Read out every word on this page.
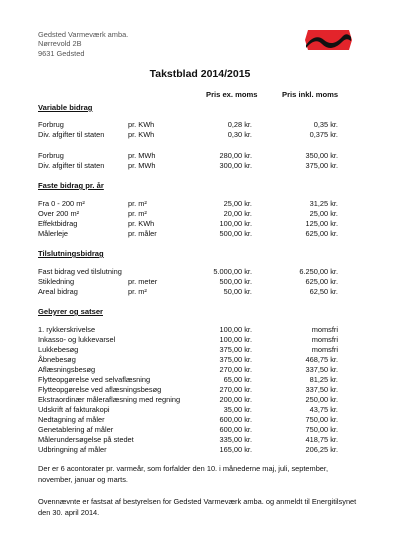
Gedsted Varmeværk amba.
Nørrevold 2B
9631 Gedsted
Takstblad 2014/2015
Pris ex. moms	Pris inkl. moms
Variable bidrag
Forbrug	pr. KWh	0,28 kr.	0,35 kr.
Div. afgifter til staten	pr. KWh	0,30 kr.	0,375 kr.
Forbrug	pr. MWh	280,00 kr.	350,00 kr.
Div. afgifter til staten	pr. MWh	300,00 kr.	375,00 kr.
Faste bidrag pr. år
Fra 0 - 200 m²	pr. m²	25,00 kr.	31,25 kr.
Over 200 m²	pr. m²	20,00 kr.	25,00 kr.
Effektbidrag	pr. KWh	100,00 kr.	125,00 kr.
Målerleje	pr. måler	500,00 kr.	625,00 kr.
Tilslutningsbidrag
Fast bidrag ved tilslutning	5.000,00 kr.	6.250,00 kr.
Stikledning	pr. meter	500,00 kr.	625,00 kr.
Areal bidrag	pr. m²	50,00 kr.	62,50 kr.
Gebyrer og satser
1. rykkerskrivelse	100,00 kr.	momsfri
Inkasso- og lukkevarsel	100,00 kr.	momsfri
Lukkebesøg	375,00 kr.	momsfri
Åbnebesøg	375,00 kr.	468,75 kr.
Aflæsningsbesøg	270,00 kr.	337,50 kr.
Flytteopgørelse ved selvaflæsning	65,00 kr.	81,25 kr.
Flytteopgørelse ved aflæsningsbesøg	270,00 kr.	337,50 kr.
Ekstraordinær måleraflæsning med regning	200,00 kr.	250,00 kr.
Udskrift af fakturakopi	35,00 kr.	43,75 kr.
Nedtagning af måler	600,00 kr.	750,00 kr.
Genetablering af måler	600,00 kr.	750,00 kr.
Målerundersøgelse på stedet	335,00 kr.	418,75 kr.
Udbringning af måler	165,00 kr.	206,25 kr.
Der er 6 acontorater pr. varmeår, som forfalder den 10. i månederne maj, juli, september, november, januar og marts.
Ovennævnte er fastsat af bestyrelsen for Gedsted Varmeværk amba. og anmeldt til Energitilsynet den 30. april 2014.
